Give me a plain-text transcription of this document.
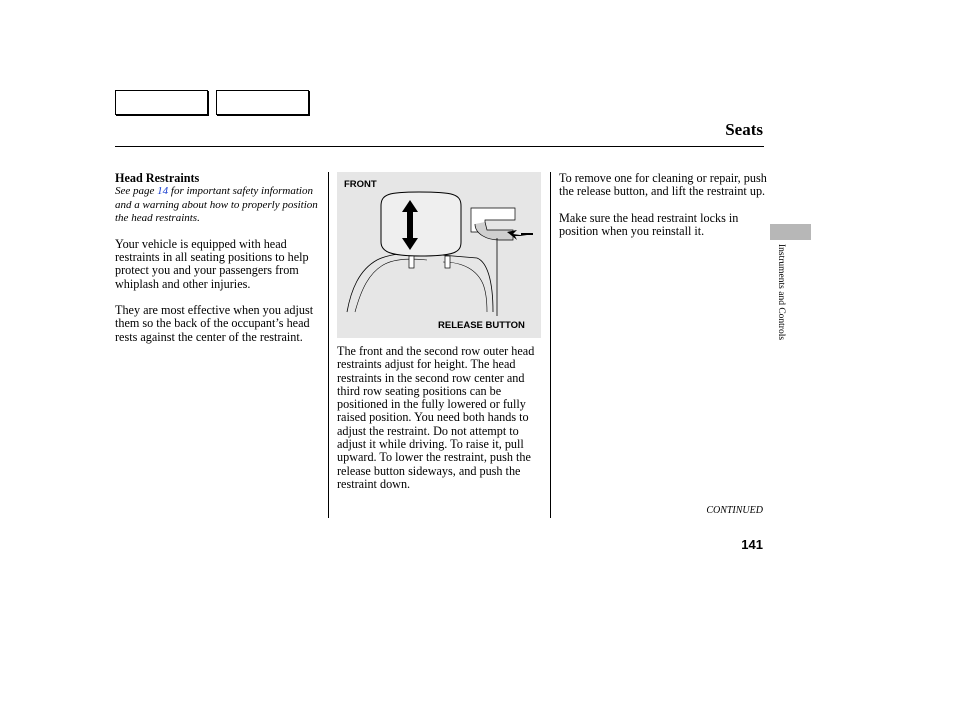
Seats
Head Restraints
See page 14 for important safety information and a warning about how to properly position the head restraints.

Your vehicle is equipped with head restraints in all seating positions to help protect you and your passengers from whiplash and other injuries.

They are most effective when you adjust them so the back of the occupant’s head rests against the center of the restraint.

FRONT
RELEASE BUTTON

The front and the second row outer head restraints adjust for height. The head restraints in the second row center and third row seating positions can be positioned in the fully lowered or fully raised position. You need both hands to adjust the restraint. Do not attempt to adjust it while driving. To raise it, pull upward. To lower the restraint, push the release button sideways, and push the restraint down.

To remove one for cleaning or repair, push the release button, and lift the restraint up.

Make sure the head restraint locks in position when you reinstall it.

Instruments and Controls
CONTINUED
141
